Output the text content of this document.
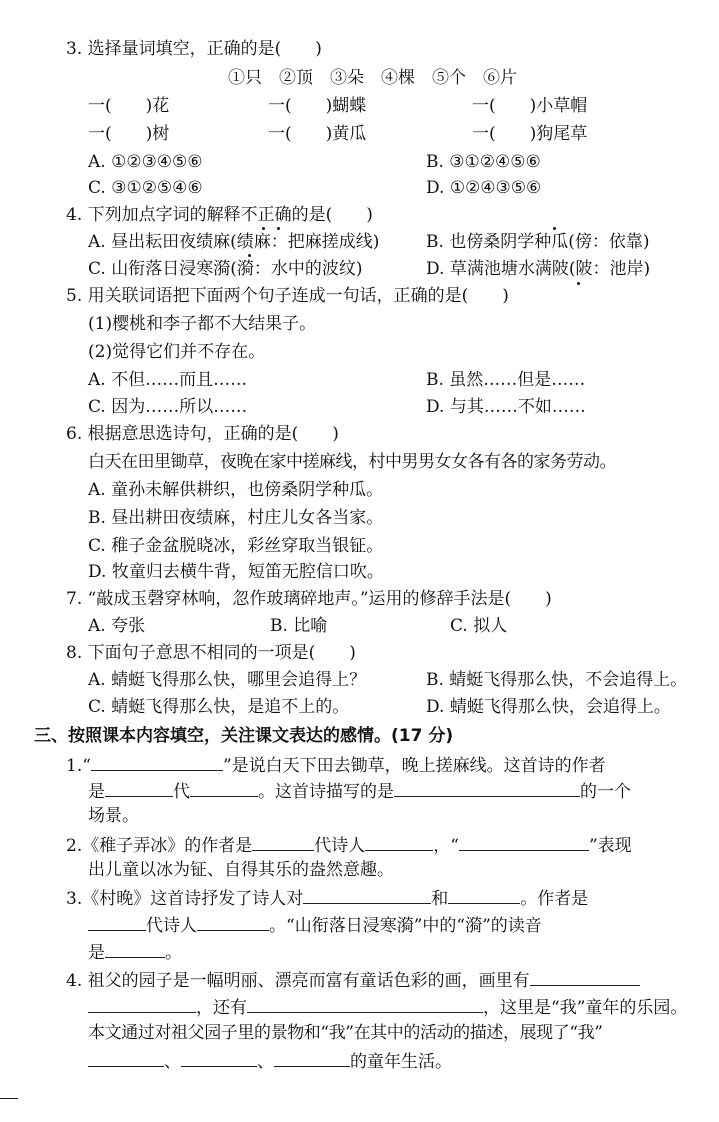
3. 选择量词填空，正确的是(　　)
①只　②顶　③朵　④棵　⑤个　⑥片
一(　　)花	一(　　)蝴蝶	一(　　)小草帽
一(　　)树	一(　　)黄瓜	一(　　)狗尾草
A. ①②③④⑤⑥	B. ③①②④⑤⑥
C. ③①②⑤④⑥	D. ①②④③⑤⑥
4. 下列加点字词的解释不正确的是(　　)
A. 昼出耘田夜绩麻(绩麻：把麻搓成线)	B. 也傍桑阴学种瓜(傍：依靠)
C. 山衔落日浸寒漪(漪：水中的波纹)	D. 草满池塘水满陂(陂：池岸)
5. 用关联词语把下面两个句子连成一句话，正确的是(　　)
(1)樱桃和李子都不大结果子。
(2)觉得它们并不存在。
A. 不但……而且……	B. 虽然……但是……
C. 因为……所以……	D. 与其……不如……
6. 根据意思选诗句，正确的是(　　)
白天在田里锄草，夜晚在家中搓麻线，村中男男女女各有各的家务劳动。
A. 童孙未解供耕织，也傍桑阴学种瓜。
B. 昼出耕田夜绩麻，村庄儿女各当家。
C. 稚子金盆脱晓冰，彩丝穿取当银钲。
D. 牧童归去横牛背，短笛无腔信口吹。
7. “敲成玉磬穿林响，忽作玻璃碎地声。”运用的修辞手法是(　　)
A. 夸张	B. 比喻	C. 拟人
8. 下面句子意思不相同的一项是(　　)
A. 蜻蜓飞得那么快，哪里会追得上？	B. 蜻蜓飞得那么快，不会追得上。
C. 蜻蜓飞得那么快，是追不上的。	D. 蜻蜓飞得那么快，会追得上。
三、按照课本内容填空，关注课文表达的感情。(17 分)
1.“	”是说白天下田去锄草，晚上搓麻线。这首诗的作者
是	代	。这首诗描写的是	的一个
场景。
2.《稚子弄冰》的作者是	代诗人	，“	”表现
出儿童以冰为钲、自得其乐的盎然意趣。
3.《村晚》这首诗抒发了诗人对	和	。作者是
代诗人	。“山衔落日浸寒漪”中的“漪”的读音
是	。
4. 祖父的园子是一幅明丽、漂亮而富有童话色彩的画，画里有
，还有	，这里是“我”童年的乐园。
本文通过对祖父园子里的景物和“我”在其中的活动的描述，展现了“我”
、	、	的童年生活。
